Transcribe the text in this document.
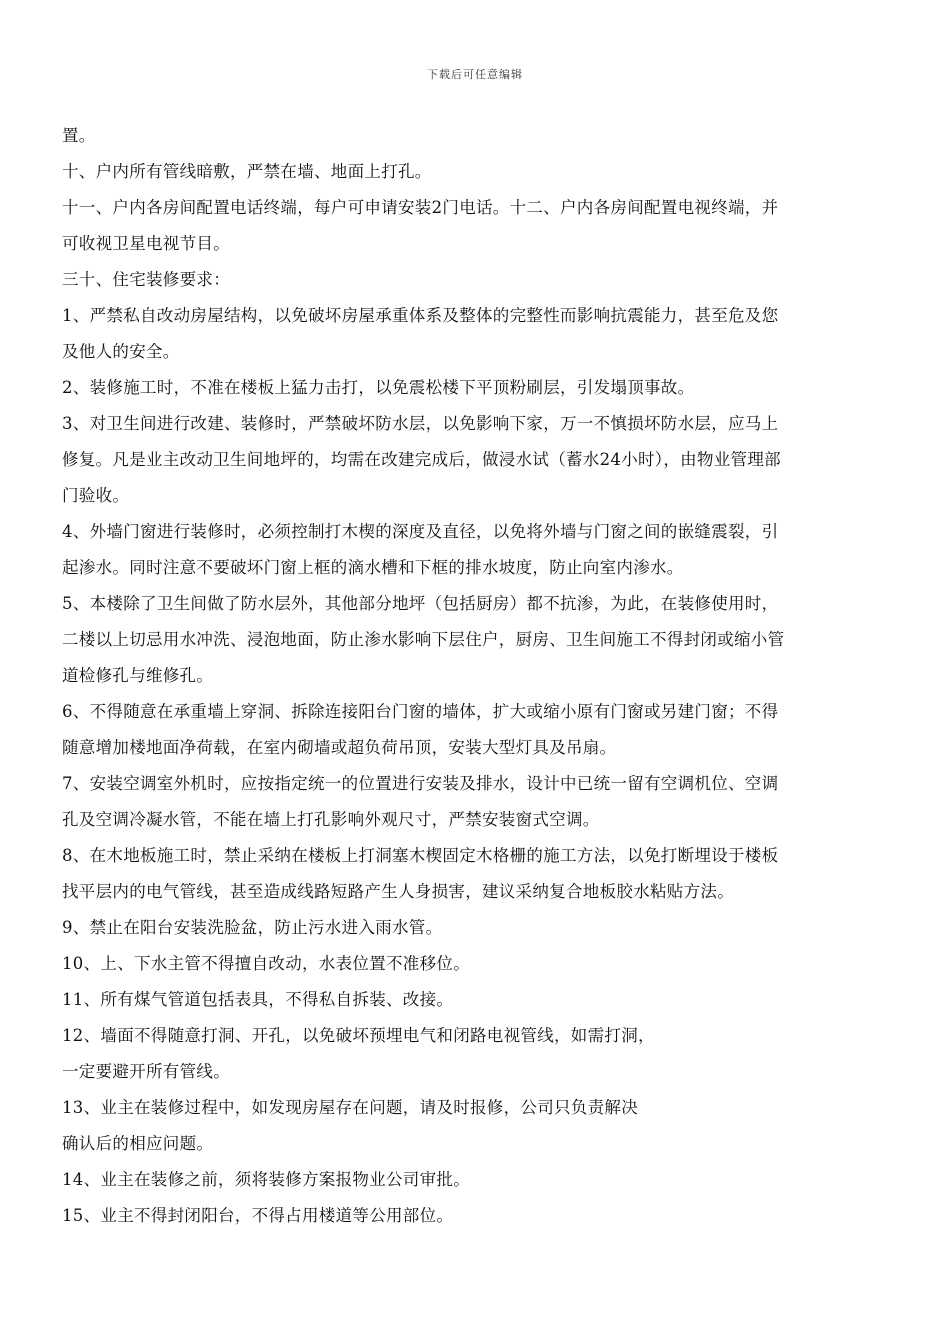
下载后可任意编辑
置。
十、户内所有管线暗敷，严禁在墙、地面上打孔。
十一、户内各房间配置电话终端，每户可申请安装2门电话。十二、户内各房间配置电视终端，并
可收视卫星电视节目。
三十、住宅装修要求：
1、严禁私自改动房屋结构，以免破坏房屋承重体系及整体的完整性而影响抗震能力，甚至危及您
及他人的安全。
2、装修施工时，不准在楼板上猛力击打，以免震松楼下平顶粉刷层，引发塌顶事故。
3、对卫生间进行改建、装修时，严禁破坏防水层，以免影响下家，万一不慎损坏防水层，应马上
修复。凡是业主改动卫生间地坪的，均需在改建完成后，做浸水试（蓄水24小时），由物业管理部
门验收。
4、外墙门窗进行装修时，必须控制打木楔的深度及直径，以免将外墙与门窗之间的嵌缝震裂，引
起渗水。同时注意不要破坏门窗上框的滴水槽和下框的排水坡度，防止向室内渗水。
5、本楼除了卫生间做了防水层外，其他部分地坪（包括厨房）都不抗渗，为此，在装修使用时，
二楼以上切忌用水冲洗、浸泡地面，防止渗水影响下层住户，厨房、卫生间施工不得封闭或缩小管
道检修孔与维修孔。
6、不得随意在承重墙上穿洞、拆除连接阳台门窗的墙体，扩大或缩小原有门窗或另建门窗；不得
随意增加楼地面净荷载，在室内砌墙或超负荷吊顶，安装大型灯具及吊扇。
7、安装空调室外机时，应按指定统一的位置进行安装及排水，设计中已统一留有空调机位、空调
孔及空调冷凝水管，不能在墙上打孔影响外观尺寸，严禁安装窗式空调。
8、在木地板施工时，禁止采纳在楼板上打洞塞木楔固定木格栅的施工方法，以免打断埋设于楼板
找平层内的电气管线，甚至造成线路短路产生人身损害，建议采纳复合地板胶水粘贴方法。
9、禁止在阳台安装洗脸盆，防止污水进入雨水管。
10、上、下水主管不得擅自改动，水表位置不准移位。
11、所有煤气管道包括表具，不得私自拆装、改接。
12、墙面不得随意打洞、开孔，以免破坏预埋电气和闭路电视管线，如需打洞，
一定要避开所有管线。
13、业主在装修过程中，如发现房屋存在问题，请及时报修，公司只负责解决
确认后的相应问题。
14、业主在装修之前，须将装修方案报物业公司审批。
15、业主不得封闭阳台，不得占用楼道等公用部位。
